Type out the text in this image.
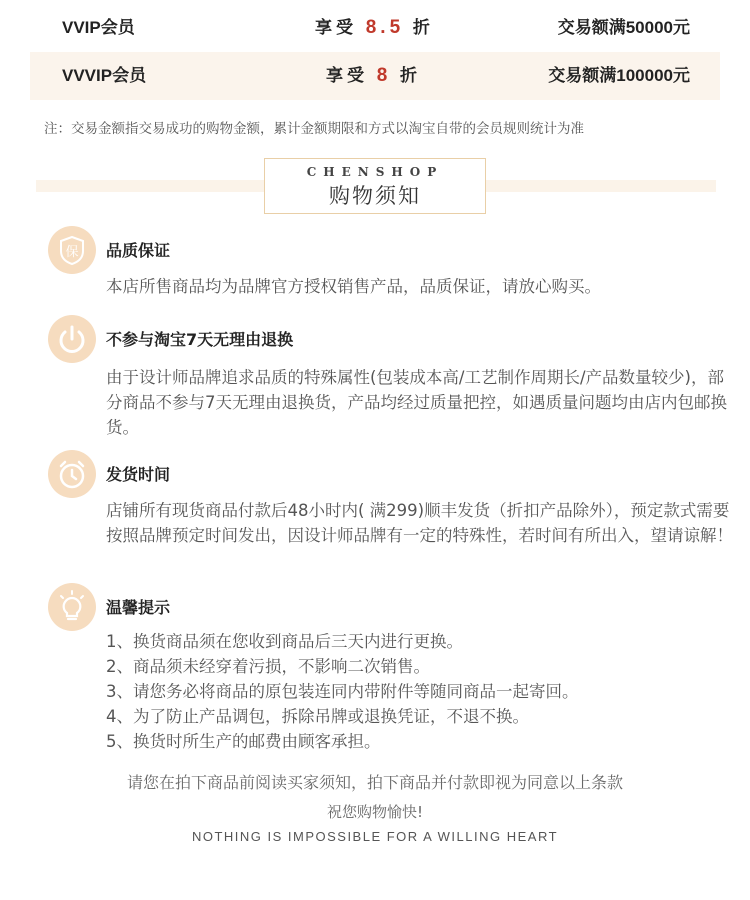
VVIP会员	享受 8.5 折	交易额满50000元
VVVIP会员	享受 8 折	交易额满100000元
注：交易金额指交易成功的购物金额，累计金额期限和方式以淘宝自带的会员规则统计为准
CHENSHOP
购物须知
保 品质保证
本店所售商品均为品牌官方授权销售产品，品质保证，请放心购买。
不参与淘宝7天无理由退换
由于设计师品牌追求品质的特殊属性(包装成本高/工艺制作周期长/产品数量较少)，部分商品不参与7天无理由退换货，产品均经过质量把控，如遇质量问题均由店内包邮换货。
发货时间
店铺所有现货商品付款后48小时内( 满299)顺丰发货（折扣产品除外），预定款式需要按照品牌预定时间发出，因设计师品牌有一定的特殊性，若时间有所出入，望请谅解！
温馨提示
1、换货商品须在您收到商品后三天内进行更换。
2、商品须未经穿着污损，不影响二次销售。
3、请您务必将商品的原包装连同内带附件等随同商品一起寄回。
4、为了防止产品调包，拆除吊牌或退换凭证，不退不换。
5、换货时所生产的邮费由顾客承担。
请您在拍下商品前阅读买家须知，拍下商品并付款即视为同意以上条款
祝您购物愉快!
NOTHING IS IMPOSSIBLE FOR A WILLING HEART
